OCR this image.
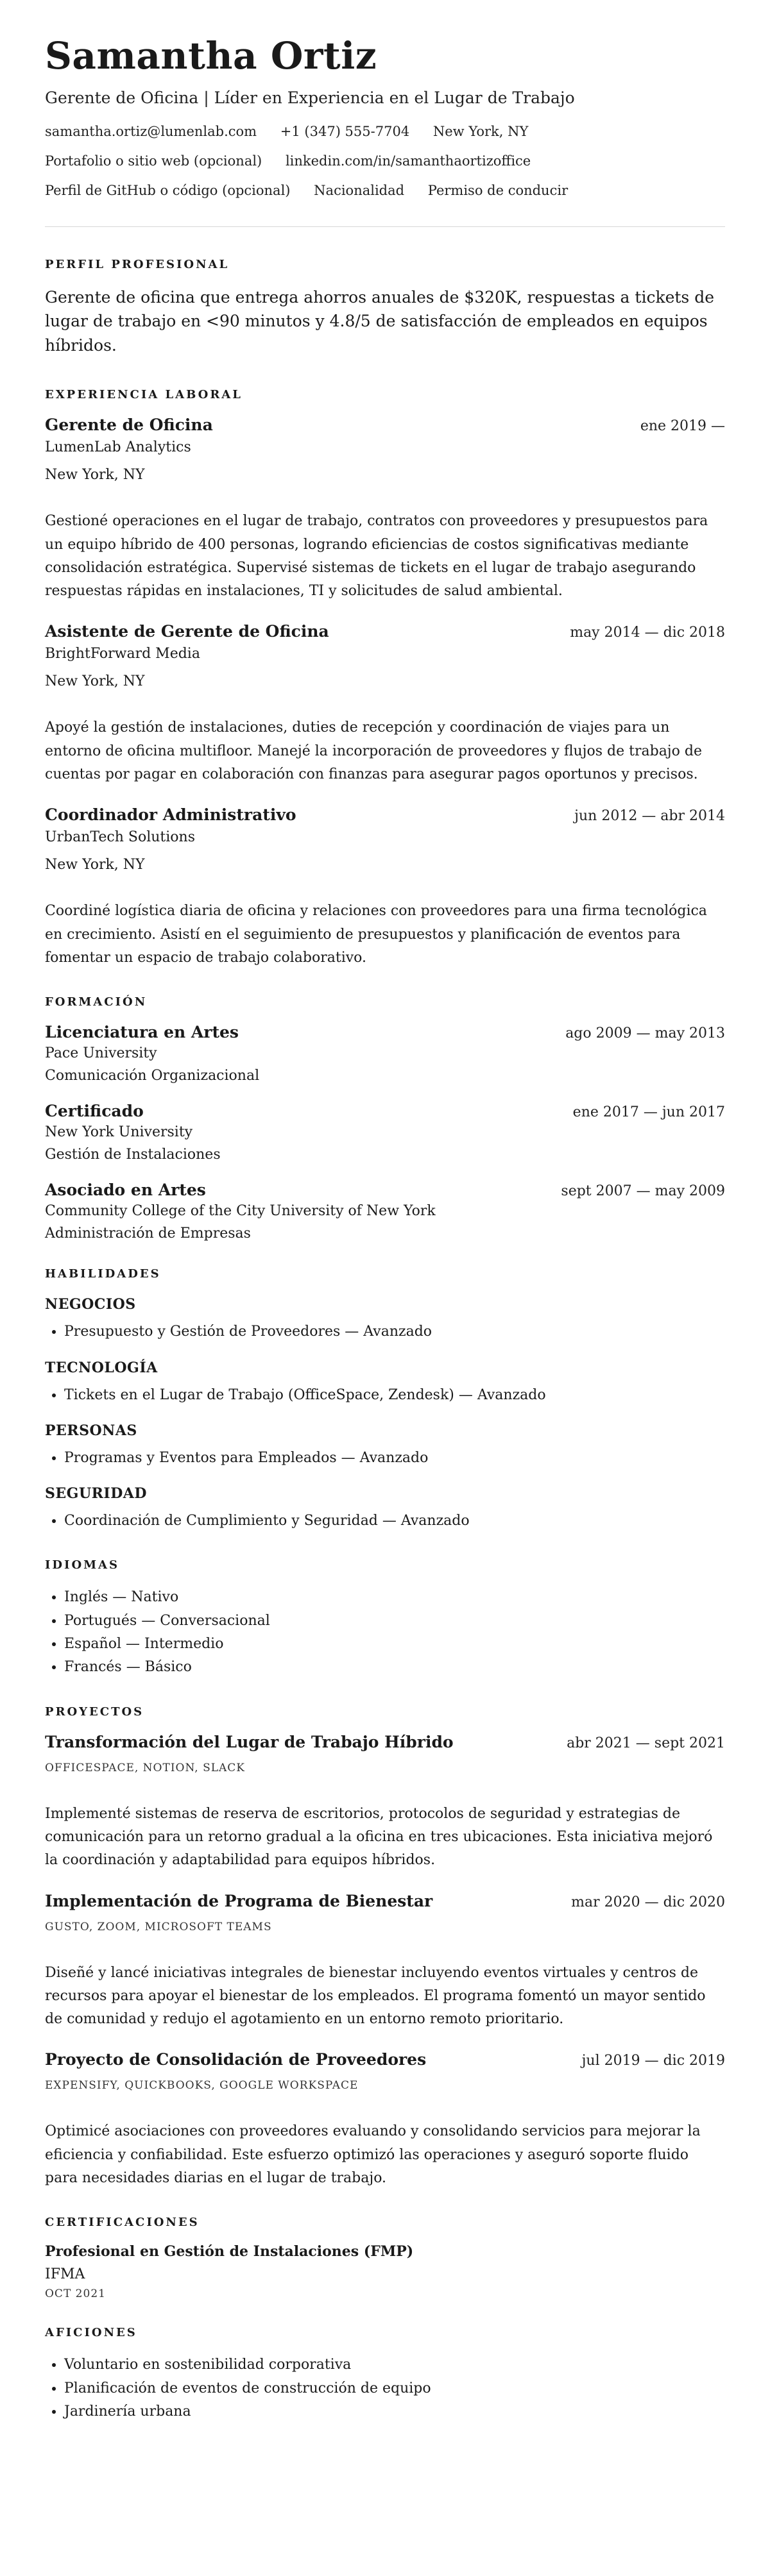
Samantha Ortiz
Gerente de Oficina | Líder en Experiencia en el Lugar de Trabajo
samantha.ortiz@lumenlab.com +1 (347) 555-7704 New York, NY
Portafolio o sitio web (opcional) linkedin.com/in/samanthaortizoffice
Perfil de GitHub o código (opcional) Nacionalidad Permiso de conducir
PERFIL PROFESIONAL
Gerente de oficina que entrega ahorros anuales de $320K, respuestas a tickets de lugar de trabajo en <90 minutos y 4.8/5 de satisfacción de empleados en equipos híbridos.
EXPERIENCIA LABORAL
Gerente de Oficina	ene 2019 —
LumenLab Analytics
New York, NY
Gestioné operaciones en el lugar de trabajo, contratos con proveedores y presupuestos para un equipo híbrido de 400 personas, logrando eficiencias de costos significativas mediante consolidación estratégica. Supervisé sistemas de tickets en el lugar de trabajo asegurando respuestas rápidas en instalaciones, TI y solicitudes de salud ambiental.
Asistente de Gerente de Oficina	may 2014 — dic 2018
BrightForward Media
New York, NY
Apoyé la gestión de instalaciones, duties de recepción y coordinación de viajes para un entorno de oficina multifloor. Manejé la incorporación de proveedores y flujos de trabajo de cuentas por pagar en colaboración con finanzas para asegurar pagos oportunos y precisos.
Coordinador Administrativo	jun 2012 — abr 2014
UrbanTech Solutions
New York, NY
Coordiné logística diaria de oficina y relaciones con proveedores para una firma tecnológica en crecimiento. Asistí en el seguimiento de presupuestos y planificación de eventos para fomentar un espacio de trabajo colaborativo.
FORMACIÓN
Licenciatura en Artes	ago 2009 — may 2013
Pace University
Comunicación Organizacional
Certificado	ene 2017 — jun 2017
New York University
Gestión de Instalaciones
Asociado en Artes	sept 2007 — may 2009
Community College of the City University of New York
Administración de Empresas
HABILIDADES
NEGOCIOS
• Presupuesto y Gestión de Proveedores — Avanzado
TECNOLOGÍA
• Tickets en el Lugar de Trabajo (OfficeSpace, Zendesk) — Avanzado
PERSONAS
• Programas y Eventos para Empleados — Avanzado
SEGURIDAD
• Coordinación de Cumplimiento y Seguridad — Avanzado
IDIOMAS
• Inglés — Nativo
• Portugués — Conversacional
• Español — Intermedio
• Francés — Básico
PROYECTOS
Transformación del Lugar de Trabajo Híbrido	abr 2021 — sept 2021
OFFICESPACE, NOTION, SLACK
Implementé sistemas de reserva de escritorios, protocolos de seguridad y estrategias de comunicación para un retorno gradual a la oficina en tres ubicaciones. Esta iniciativa mejoró la coordinación y adaptabilidad para equipos híbridos.
Implementación de Programa de Bienestar	mar 2020 — dic 2020
GUSTO, ZOOM, MICROSOFT TEAMS
Diseñé y lancé iniciativas integrales de bienestar incluyendo eventos virtuales y centros de recursos para apoyar el bienestar de los empleados. El programa fomentó un mayor sentido de comunidad y redujo el agotamiento en un entorno remoto prioritario.
Proyecto de Consolidación de Proveedores	jul 2019 — dic 2019
EXPENSIFY, QUICKBOOKS, GOOGLE WORKSPACE
Optimicé asociaciones con proveedores evaluando y consolidando servicios para mejorar la eficiencia y confiabilidad. Este esfuerzo optimizó las operaciones y aseguró soporte fluido para necesidades diarias en el lugar de trabajo.
CERTIFICACIONES
Profesional en Gestión de Instalaciones (FMP)
IFMA
OCT 2021
AFICIONES
• Voluntario en sostenibilidad corporativa
• Planificación de eventos de construcción de equipo
• Jardinería urbana
